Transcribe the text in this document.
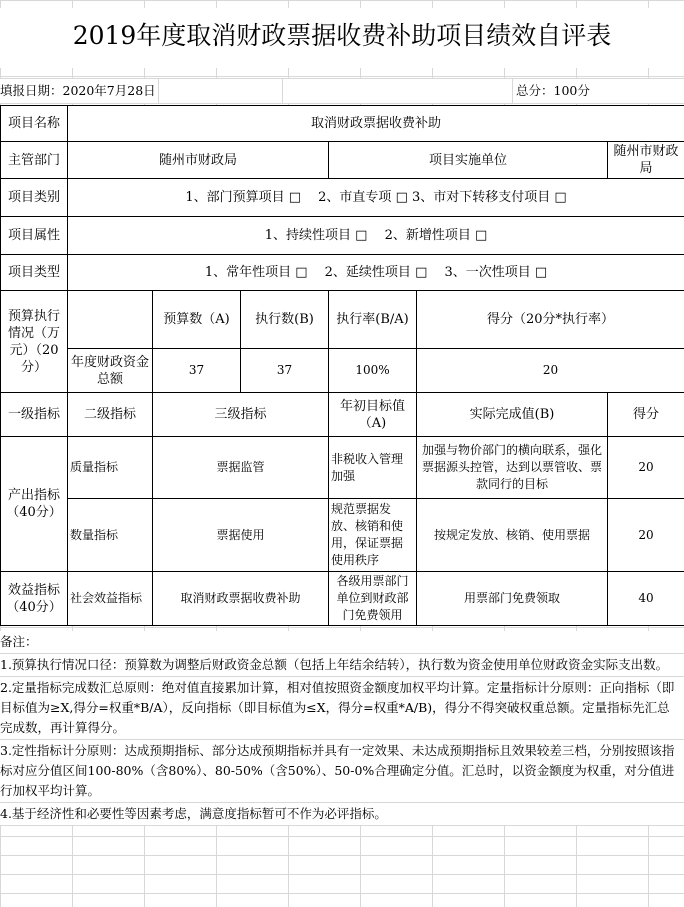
2019年度取消财政票据收费补助项目绩效自评表
填报日期：2020年7月28日	总分：100分
项目名称	取消财政票据收费补助					
主管部门	随州市财政局			项目实施单位		随州市财政局
项目类别	1、部门预算项目 □　 2、市直专项 □ 3、市对下转移支付项目 □					
项目属性	1、持续性项目 □　 2、新增性项目 □					
项目类型	1、常年性项目 □　 2、延续性项目 □　 3、一次性项目 □					
预算执行情况（万元）（20分）		预算数（A)	执行数(B)	执行率(B/A)	得分（20分*执行率）	
	年度财政资金总额	37	37	100%	20	
一级指标	二级指标	三级指标		年初目标值（A)	实际完成值(B)	得分
产出指标（40分）	质量指标	票据监管		非税收入管理加强	加强与物价部门的横向联系，强化票据源头控管，达到以票管收、票款同行的目标	20
	数量指标	票据使用		规范票据发放、核销和使用，保证票据使用秩序	按规定发放、核销、使用票据	20
效益指标（40分）	社会效益指标	取消财政票据收费补助		各级用票部门单位到财政部门免费领用	用票部门免费领取	40
备注：
1.预算执行情况口径：预算数为调整后财政资金总额（包括上年结余结转），执行数为资金使用单位财政资金实际支出数。
2.定量指标完成数汇总原则：绝对值直接累加计算，相对值按照资金额度加权平均计算。定量指标计分原则：正向指标（即目标值为≥X,得分=权重*B/A），反向指标（即目标值为≤X，得分=权重*A/B)，得分不得突破权重总额。定量指标先汇总完成数，再计算得分。
3.定性指标计分原则：达成预期指标、部分达成预期指标并具有一定效果、未达成预期指标且效果较差三档，分别按照该指标对应分值区间100-80%（含80%）、80-50%（含50%）、50-0%合理确定分值。汇总时，以资金额度为权重，对分值进行加权平均计算。
4.基于经济性和必要性等因素考虑，满意度指标暂可不作为必评指标。
